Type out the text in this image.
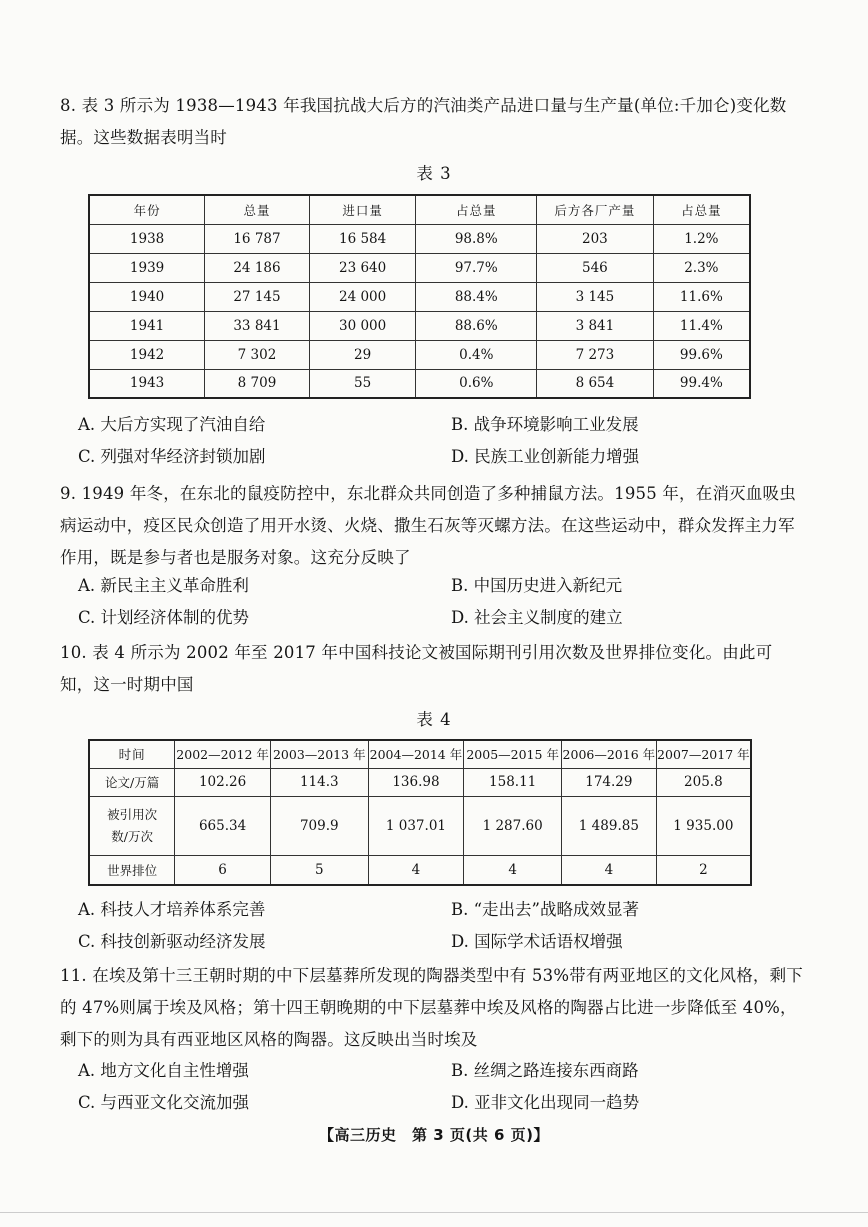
8. 表 3 所示为 1938—1943 年我国抗战大后方的汽油类产品进口量与生产量(单位:千加仑)变化数据。这些数据表明当时
表 3
年份	总量	进口量	占总量	后方各厂产量	占总量
1938	16 787	16 584	98.8%	203	1.2%
1939	24 186	23 640	97.7%	546	2.3%
1940	27 145	24 000	88.4%	3 145	11.6%
1941	33 841	30 000	88.6%	3 841	11.4%
1942	7 302	29	0.4%	7 273	99.6%
1943	8 709	55	0.6%	8 654	99.4%
A. 大后方实现了汽油自给	B. 战争环境影响工业发展
C. 列强对华经济封锁加剧	D. 民族工业创新能力增强
9. 1949 年冬，在东北的鼠疫防控中，东北群众共同创造了多种捕鼠方法。1955 年，在消灭血吸虫病运动中，疫区民众创造了用开水烫、火烧、撒生石灰等灭螺方法。在这些运动中，群众发挥主力军作用，既是参与者也是服务对象。这充分反映了
A. 新民主主义革命胜利	B. 中国历史进入新纪元
C. 计划经济体制的优势	D. 社会主义制度的建立
10. 表 4 所示为 2002 年至 2017 年中国科技论文被国际期刊引用次数及世界排位变化。由此可知，这一时期中国
表 4
时间	2002—2012 年	2003—2013 年	2004—2014 年	2005—2015 年	2006—2016 年	2007—2017 年
论文/万篇	102.26	114.3	136.98	158.11	174.29	205.8
被引用次数/万次	665.34	709.9	1 037.01	1 287.60	1 489.85	1 935.00
世界排位	6	5	4	4	4	2
A. 科技人才培养体系完善	B. “走出去”战略成效显著
C. 科技创新驱动经济发展	D. 国际学术话语权增强
11. 在埃及第十三王朝时期的中下层墓葬所发现的陶器类型中有 53%带有两亚地区的文化风格，剩下的 47%则属于埃及风格；第十四王朝晚期的中下层墓葬中埃及风格的陶器占比进一步降低至 40%，剩下的则为具有西亚地区风格的陶器。这反映出当时埃及
A. 地方文化自主性增强	B. 丝绸之路连接东西商路
C. 与西亚文化交流加强	D. 亚非文化出现同一趋势
【高三历史　第 3 页(共 6 页)】
